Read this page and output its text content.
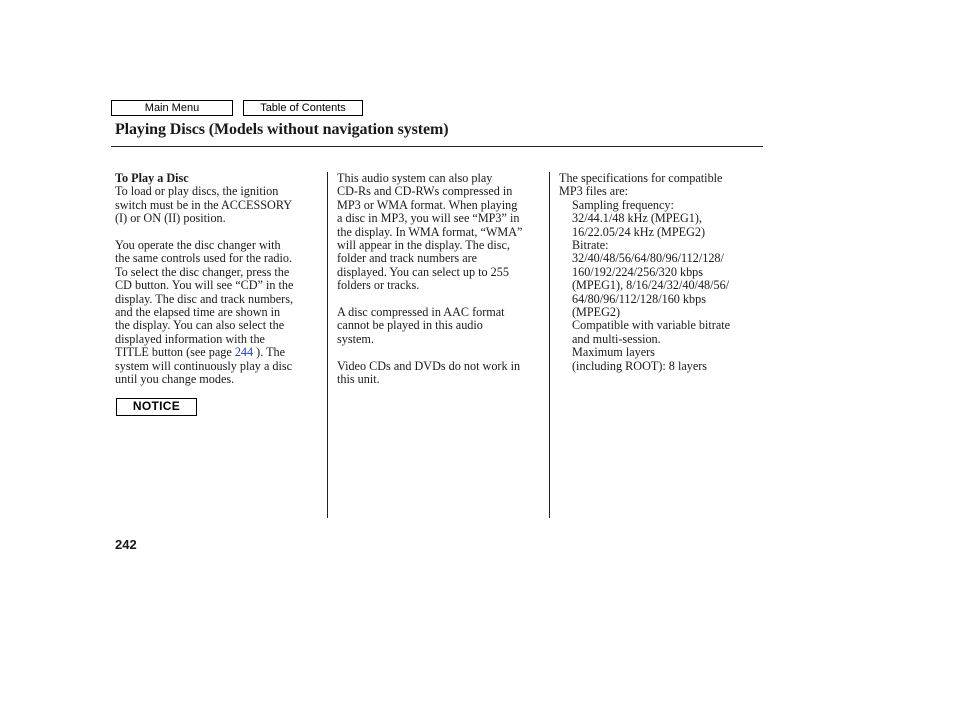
Main Menu	Table of Contents
Playing Discs (Models without navigation system)

To Play a Disc

To load or play discs, the ignition
switch must be in the ACCESSORY
(I) or ON (II) position.

You operate the disc changer with
the same controls used for the radio.
To select the disc changer, press the
CD button. You will see “CD” in the
display. The disc and track numbers,
and the elapsed time are shown in
the display. You can also select the
displayed information with the
TITLE button (see page 244 ). The
system will continuously play a disc
until you change modes.

NOTICE

This audio system can also play
CD-Rs and CD-RWs compressed in
MP3 or WMA format. When playing
a disc in MP3, you will see “MP3” in
the display. In WMA format, “WMA”
will appear in the display. The disc,
folder and track numbers are
displayed. You can select up to 255
folders or tracks.

A disc compressed in AAC format
cannot be played in this audio
system.

Video CDs and DVDs do not work in
this unit.

The specifications for compatible
MP3 files are:

Sampling frequency:
32/44.1/48 kHz (MPEG1),
16/22.05/24 kHz (MPEG2)
Bitrate:
32/40/48/56/64/80/96/112/128/
160/192/224/256/320 kbps
(MPEG1), 8/16/24/32/40/48/56/
64/80/96/112/128/160 kbps
(MPEG2)
Compatible with variable bitrate
and multi-session.
Maximum layers
(including ROOT): 8 layers

242
